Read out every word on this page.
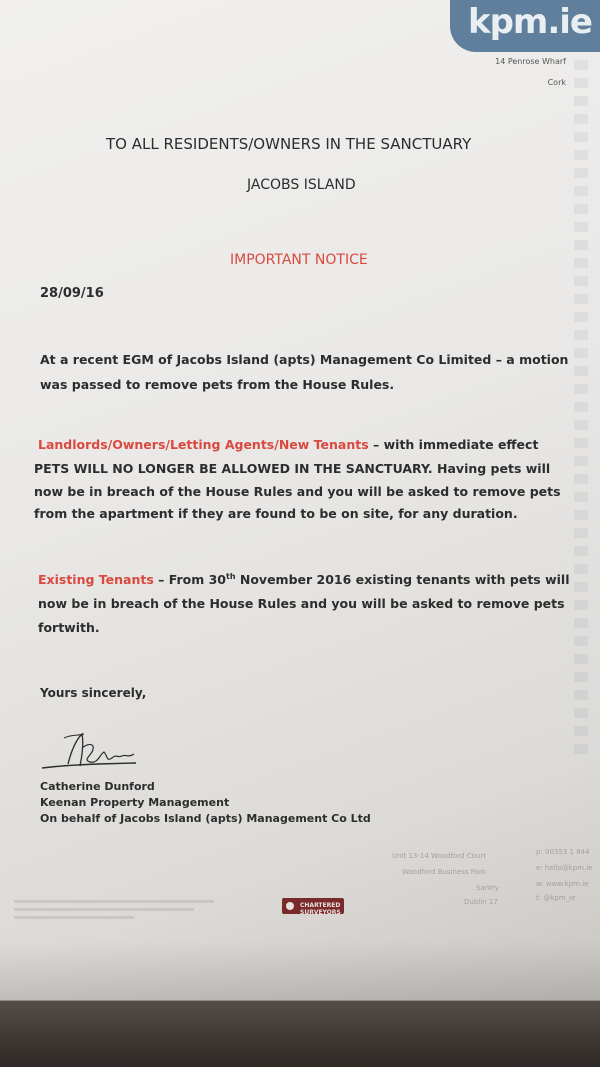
kpm.ie
14 Penrose Wharf
Cork
TO ALL RESIDENTS/OWNERS IN THE SANCTUARY
JACOBS ISLAND
IMPORTANT NOTICE
28/09/16
At a recent EGM of Jacobs Island (apts) Management Co Limited – a motion
was passed to remove pets from the House Rules.
Landlords/Owners/Letting Agents/New Tenants – with immediate effect
PETS WILL NO LONGER BE ALLOWED IN THE SANCTUARY. Having pets will
now be in breach of the House Rules and you will be asked to remove pets
from the apartment if they are found to be on site, for any duration.
Existing Tenants – From 30th November 2016 existing tenants with pets will
now be in breach of the House Rules and you will be asked to remove pets
fortwith.
Yours sincerely,
Catherine Dunford
Keenan Property Management
On behalf of Jacobs Island (apts) Management Co Ltd
CHARTERED SURVEYORS
Unit 13-14 Woodford Court
Woodford Business Park
Santry
Dublin 17
p: 00353 1 844
e: hello@kpm.ie
w: www.kpm.ie
t: @kpm_ie
